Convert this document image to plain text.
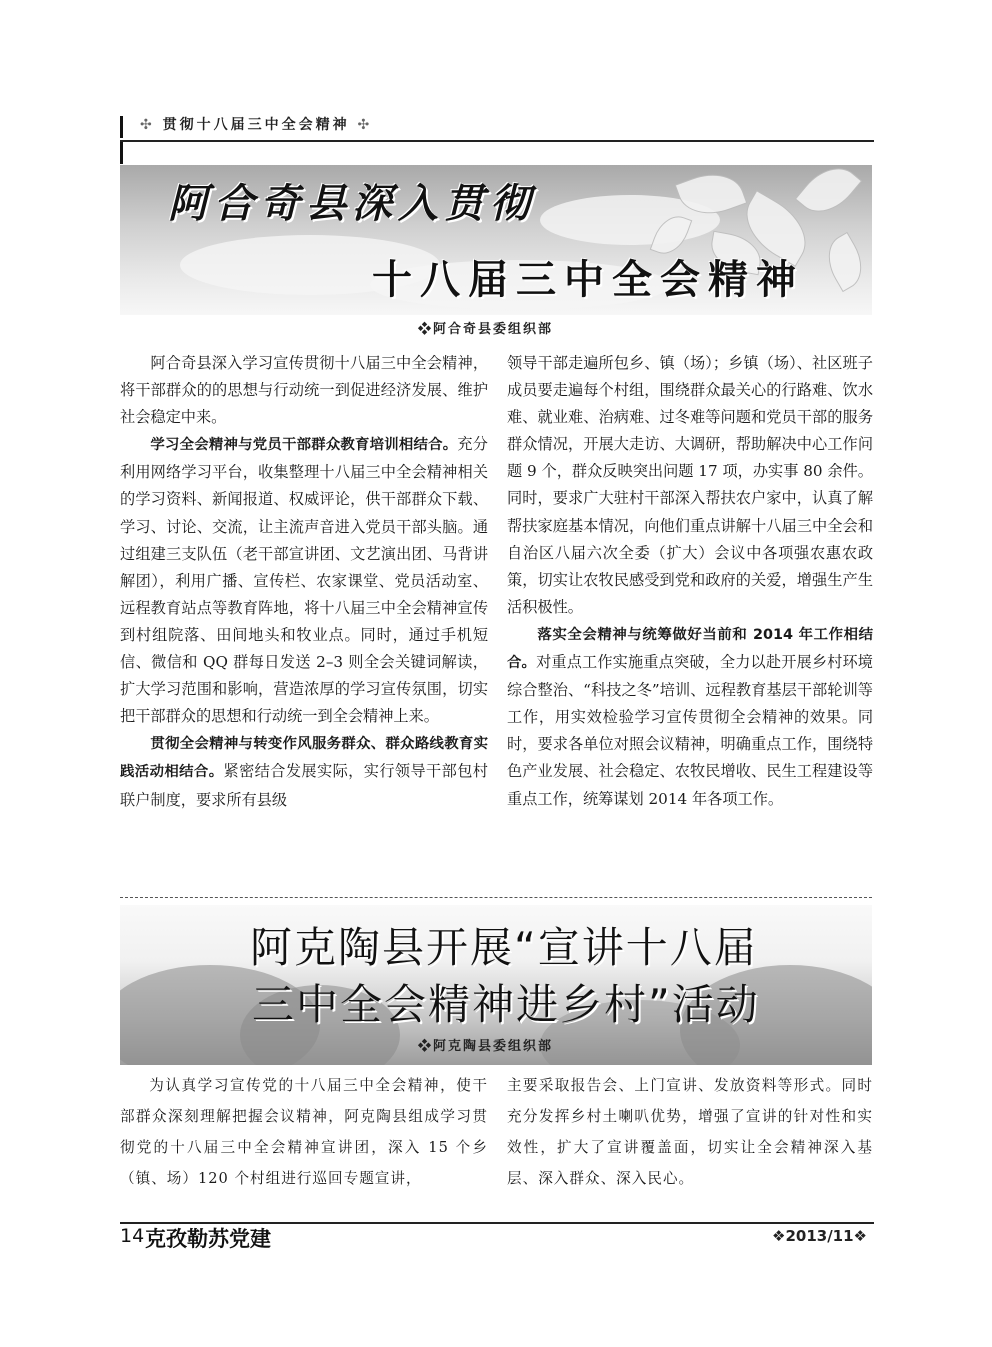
✣ 贯彻十八届三中全会精神 ✣
阿合奇县深入贯彻
十八届三中全会精神
❖阿合奇县委组织部

阿合奇县深入学习宣传贯彻十八届三中全会精神，将干部群众的的思想与行动统一到促进经济发展、维护社会稳定中来。

学习全会精神与党员干部群众教育培训相结合。充分利用网络学习平台，收集整理十八届三中全会精神相关的学习资料、新闻报道、权威评论，供干部群众下载、学习、讨论、交流，让主流声音进入党员干部头脑。通过组建三支队伍（老干部宣讲团、文艺演出团、马背讲解团），利用广播、宣传栏、农家课堂、党员活动室、远程教育站点等教育阵地，将十八届三中全会精神宣传到村组院落、田间地头和牧业点。同时，通过手机短信、微信和 QQ 群每日发送 2–3 则全会关键词解读，扩大学习范围和影响，营造浓厚的学习宣传氛围，切实把干部群众的思想和行动统一到全会精神上来。

贯彻全会精神与转变作风服务群众、群众路线教育实践活动相结合。紧密结合发展实际，实行领导干部包村联户制度，要求所有县级

领导干部走遍所包乡、镇（场）；乡镇（场）、社区班子成员要走遍每个村组，围绕群众最关心的行路难、饮水难、就业难、治病难、过冬难等问题和党员干部的服务群众情况，开展大走访、大调研，帮助解决中心工作问题 9 个，群众反映突出问题 17 项，办实事 80 余件。同时，要求广大驻村干部深入帮扶农户家中，认真了解帮扶家庭基本情况，向他们重点讲解十八届三中全会和自治区八届六次全委（扩大）会议中各项强农惠农政策，切实让农牧民感受到党和政府的关爱，增强生产生活积极性。

落实全会精神与统筹做好当前和 2014 年工作相结合。对重点工作实施重点突破，全力以赴开展乡村环境综合整治、“科技之冬”培训、远程教育基层干部轮训等工作，用实效检验学习宣传贯彻全会精神的效果。同时，要求各单位对照会议精神，明确重点工作，围绕特色产业发展、社会稳定、农牧民增收、民生工程建设等重点工作，统筹谋划 2014 年各项工作。

阿克陶县开展“宣讲十八届
三中全会精神进乡村”活动
❖阿克陶县委组织部

为认真学习宣传党的十八届三中全会精神，使干部群众深刻理解把握会议精神，阿克陶县组成学习贯彻党的十八届三中全会精神宣讲团，深入 15 个乡（镇、场）120 个村组进行巡回专题宣讲，

主要采取报告会、上门宣讲、发放资料等形式。同时充分发挥乡村土喇叭优势，增强了宣讲的针对性和实效性，扩大了宣讲覆盖面，切实让全会精神深入基层、深入群众、深入民心。

14 克孜勒苏党建	❖2013/11❖
